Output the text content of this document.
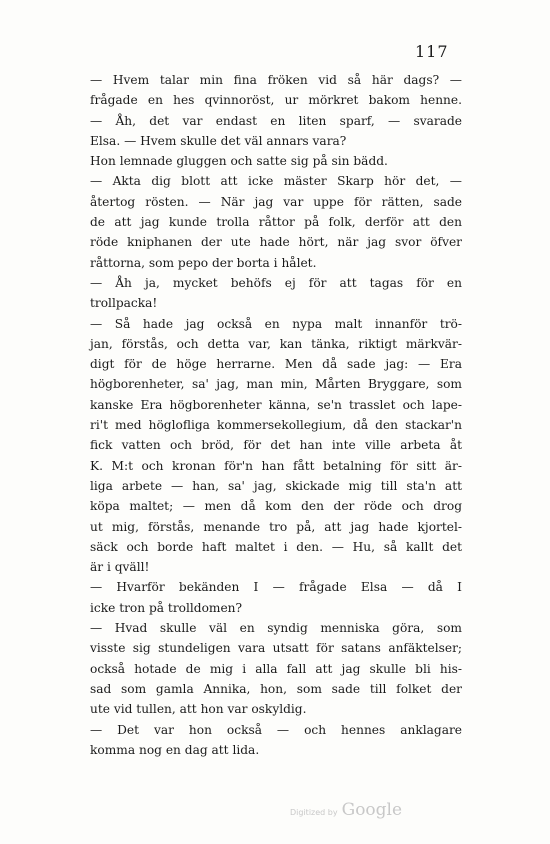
117
— Hvem talar min fina fröken vid så här dags? —
frågade en hes qvinnoröst, ur mörkret bakom henne.
— Åh, det var endast en liten sparf, — svarade
Elsa. — Hvem skulle det väl annars vara?
Hon lemnade gluggen och satte sig på sin bädd.
— Akta dig blott att icke mäster Skarp hör det, —
återtog rösten. — När jag var uppe för rätten, sade
de att jag kunde trolla råttor på folk, derför att den
röde kniphanen der ute hade hört, när jag svor öfver
råttorna, som pepo der borta i hålet.
— Åh ja, mycket behöfs ej för att tagas för en
trollpacka!
— Så hade jag också en nypa malt innanför trö-
jan, förstås, och detta var, kan tänka, riktigt märkvär-
digt för de höge herrarne. Men då sade jag: — Era
högborenheter, sa' jag, man min, Mårten Bryggare, som
kanske Era högborenheter känna, se'n trasslet och lape-
ri't med höglofliga kommersekollegium, då den stackar'n
fick vatten och bröd, för det han inte ville arbeta åt
K. M:t och kronan för'n han fått betalning för sitt är-
liga arbete — han, sa' jag, skickade mig till sta'n att
köpa maltet; — men då kom den der röde och drog
ut mig, förstås, menande tro på, att jag hade kjortel-
säck och borde haft maltet i den. — Hu, så kallt det
är i qväll!
— Hvarför bekänden I — frågade Elsa — då I
icke tron på trolldomen?
— Hvad skulle väl en syndig menniska göra, som
visste sig stundeligen vara utsatt för satans anfäktelser;
också hotade de mig i alla fall att jag skulle bli his-
sad som gamla Annika, hon, som sade till folket der
ute vid tullen, att hon var oskyldig.
— Det var hon också — och hennes anklagare
komma nog en dag att lida.
Digitized by Google
